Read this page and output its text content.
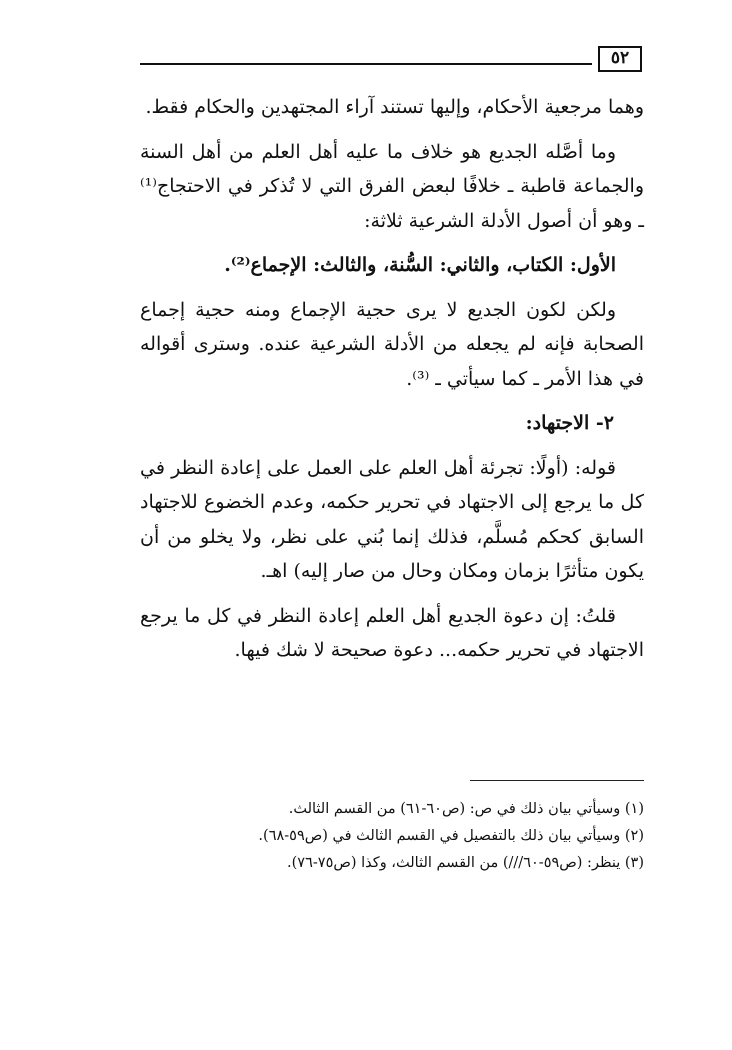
٥٢

وهما مرجعية الأحكام، وإليها تستند آراء المجتهدين والحكام فقط.

وما أصَّله الجديع هو خلاف ما عليه أهل العلم من أهل السنة والجماعة قاطبة ـ خلافًا لبعض الفرق التي لا تُذكر في الاحتجاج⁽¹⁾ ـ وهو أن أصول الأدلة الشرعية ثلاثة:

الأول: الكتاب، والثاني: السُّنة، والثالث: الإجماع⁽²⁾.

ولكن لكون الجديع لا يرى حجية الإجماع ومنه حجية إجماع الصحابة فإنه لم يجعله من الأدلة الشرعية عنده. وسترى أقواله في هذا الأمر ـ كما سيأتي ـ ⁽³⁾.

٢- الاجتهاد:

قوله: (أولًا: تجرئة أهل العلم على العمل على إعادة النظر في كل ما يرجع إلى الاجتهاد في تحرير حكمه، وعدم الخضوع للاجتهاد السابق كحكم مُسلَّم، فذلك إنما بُني على نظر، ولا يخلو من أن يكون متأثرًا بزمان ومكان وحال من صار إليه) اهـ.

قلتُ: إن دعوة الجديع أهل العلم إعادة النظر في كل ما يرجع الاجتهاد في تحرير حكمه... دعوة صحيحة لا شك فيها.

(١) وسيأتي بيان ذلك في ص: (ص٦٠-٦١) من القسم الثالث.
(٢) وسيأتي بيان ذلك بالتفصيل في القسم الثالث في (ص٥٩-٦٨).
(٣) ينظر: (ص٥٩-٦٠///) من القسم الثالث، وكذا (ص٧٥-٧٦).
